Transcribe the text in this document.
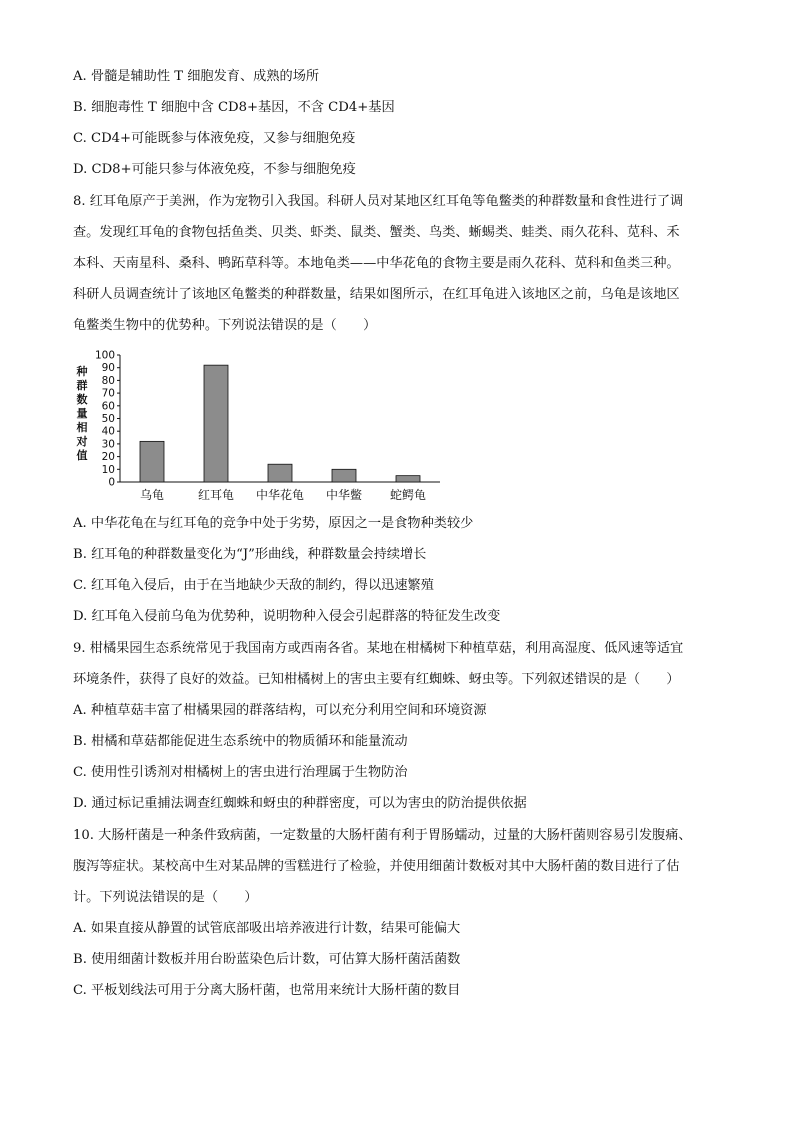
A. 骨髓是辅助性 T 细胞发育、成熟的场所
B. 细胞毒性 T 细胞中含 CD8+基因，不含 CD4+基因
C. CD4+可能既参与体液免疫，又参与细胞免疫
D. CD8+可能只参与体液免疫，不参与细胞免疫
8. 红耳龟原产于美洲，作为宠物引入我国。科研人员对某地区红耳龟等龟鳖类的种群数量和食性进行了调
查。发现红耳龟的食物包括鱼类、贝类、虾类、鼠类、蟹类、鸟类、蜥蜴类、蛙类、雨久花科、苋科、禾
本科、天南星科、桑科、鸭跖草科等。本地龟类——中华花龟的食物主要是雨久花科、苋科和鱼类三种。
科研人员调查统计了该地区龟鳖类的种群数量，结果如图所示，在红耳龟进入该地区之前，乌龟是该地区
龟鳖类生物中的优势种。下列说法错误的是（　　）
0
10
20
30
40
50
60
70
80
90
100
乌龟	红耳龟 中华花龟 中华鳖 蛇鳄龟
种
群
数
量
相
对
值
A. 中华花龟在与红耳龟的竞争中处于劣势，原因之一是食物种类较少
B. 红耳龟的种群数量变化为“J”形曲线，种群数量会持续增长
C. 红耳龟入侵后，由于在当地缺少天敌的制约，得以迅速繁殖
D. 红耳龟入侵前乌龟为优势种，说明物种入侵会引起群落的特征发生改变
9. 柑橘果园生态系统常见于我国南方或西南各省。某地在柑橘树下种植草菇，利用高湿度、低风速等适宜
环境条件，获得了良好的效益。已知柑橘树上的害虫主要有红蜘蛛、蚜虫等。下列叙述错误的是（　　）
A. 种植草菇丰富了柑橘果园的群落结构，可以充分利用空间和环境资源
B. 柑橘和草菇都能促进生态系统中的物质循环和能量流动
C. 使用性引诱剂对柑橘树上的害虫进行治理属于生物防治
D. 通过标记重捕法调查红蜘蛛和蚜虫的种群密度，可以为害虫的防治提供依据
10. 大肠杆菌是一种条件致病菌，一定数量的大肠杆菌有利于胃肠蠕动，过量的大肠杆菌则容易引发腹痛、
腹泻等症状。某校高中生对某品牌的雪糕进行了检验，并使用细菌计数板对其中大肠杆菌的数目进行了估
计。下列说法错误的是（　　）
A. 如果直接从静置的试管底部吸出培养液进行计数，结果可能偏大
B. 使用细菌计数板并用台盼蓝染色后计数，可估算大肠杆菌活菌数
C. 平板划线法可用于分离大肠杆菌，也常用来统计大肠杆菌的数目
